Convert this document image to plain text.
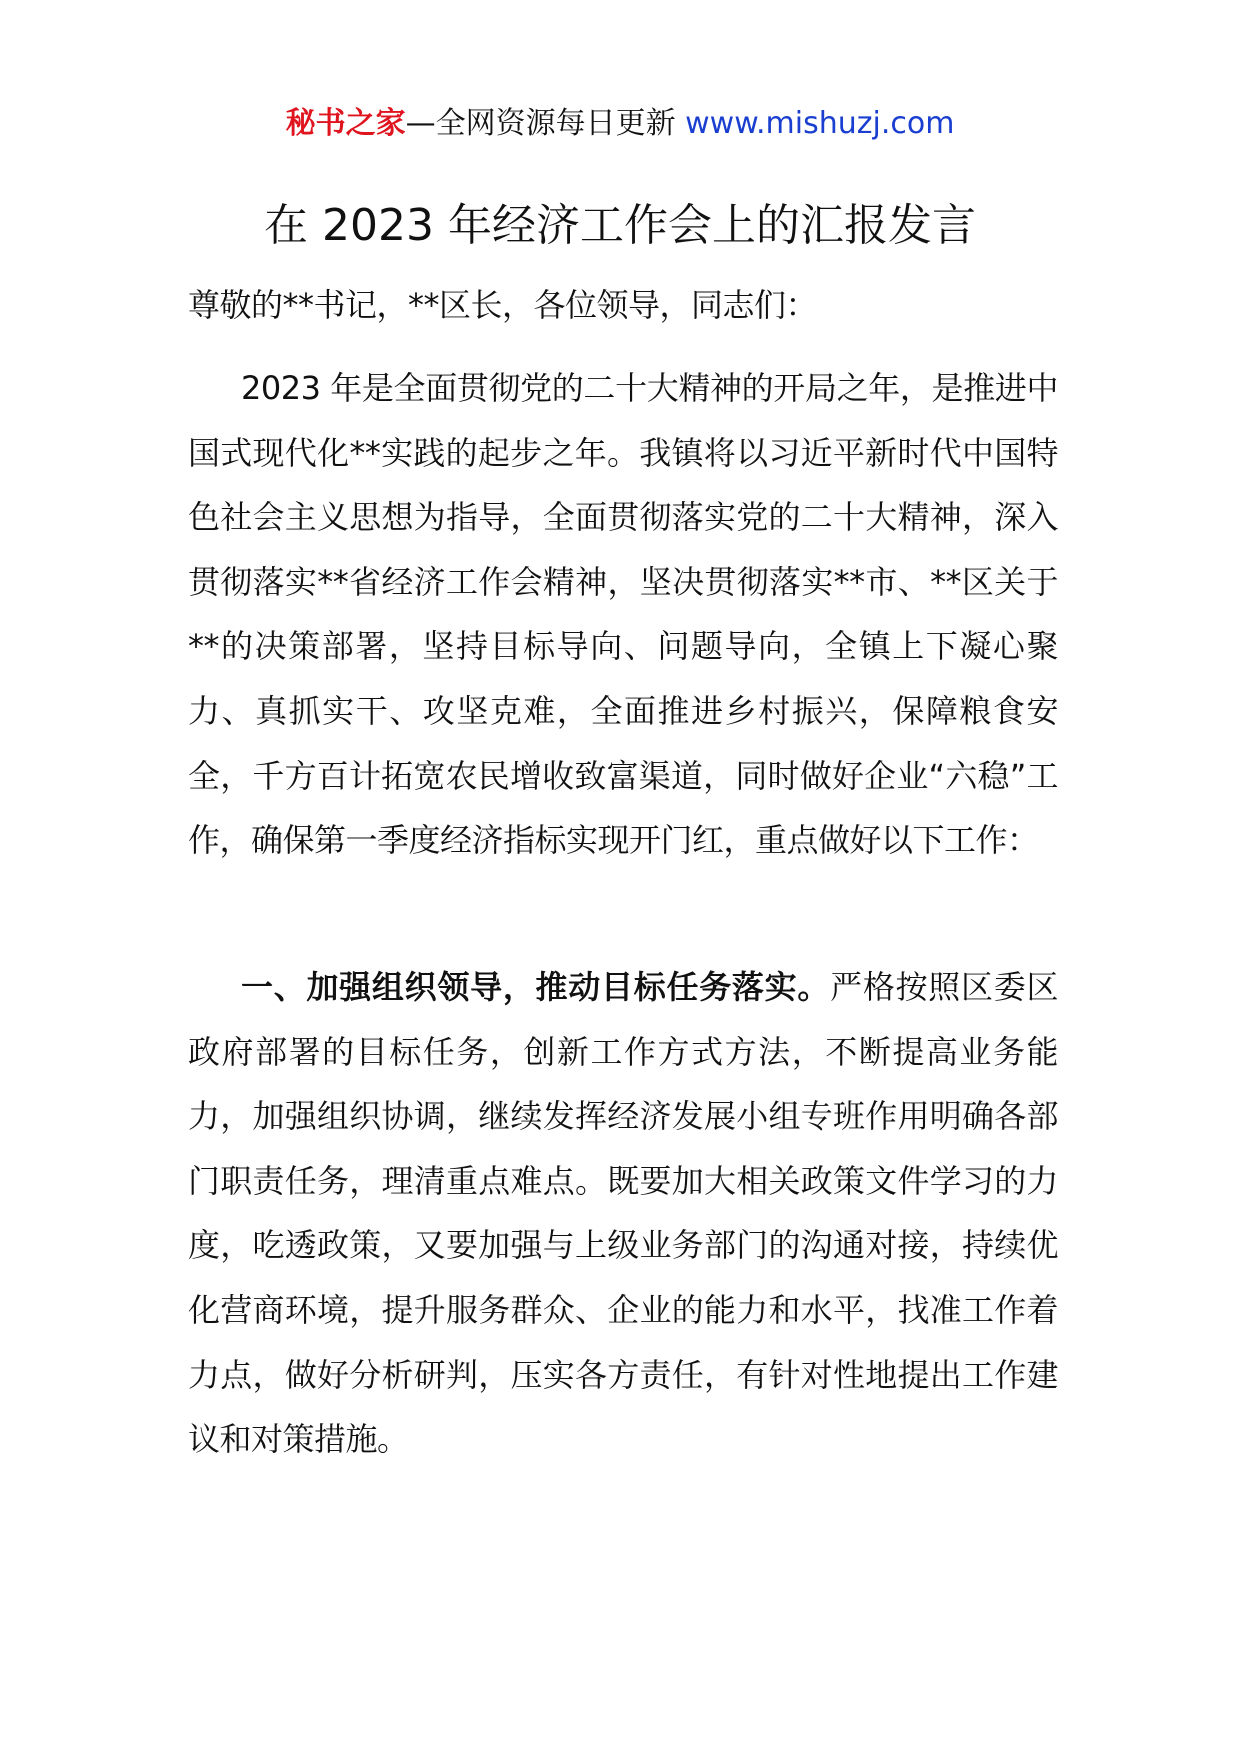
秘书之家—全网资源每日更新 www.mishuzj.com
在 2023 年经济工作会上的汇报发言
尊敬的**书记，**区长，各位领导，同志们：

2023 年是全面贯彻党的二十大精神的开局之年，是推进中国式现代化**实践的起步之年。我镇将以习近平新时代中国特色社会主义思想为指导，全面贯彻落实党的二十大精神，深入贯彻落实**省经济工作会精神，坚决贯彻落实**市、**区关于**的决策部署，坚持目标导向、问题导向，全镇上下凝心聚力、真抓实干、攻坚克难，全面推进乡村振兴，保障粮食安全，千方百计拓宽农民增收致富渠道，同时做好企业“六稳”工作，确保第一季度经济指标实现开门红，重点做好以下工作：

一、加强组织领导，推动目标任务落实。严格按照区委区政府部署的目标任务，创新工作方式方法，不断提高业务能力，加强组织协调，继续发挥经济发展小组专班作用明确各部门职责任务，理清重点难点。既要加大相关政策文件学习的力度，吃透政策，又要加强与上级业务部门的沟通对接，持续优化营商环境，提升服务群众、企业的能力和水平，找准工作着力点，做好分析研判，压实各方责任，有针对性地提出工作建议和对策措施。
